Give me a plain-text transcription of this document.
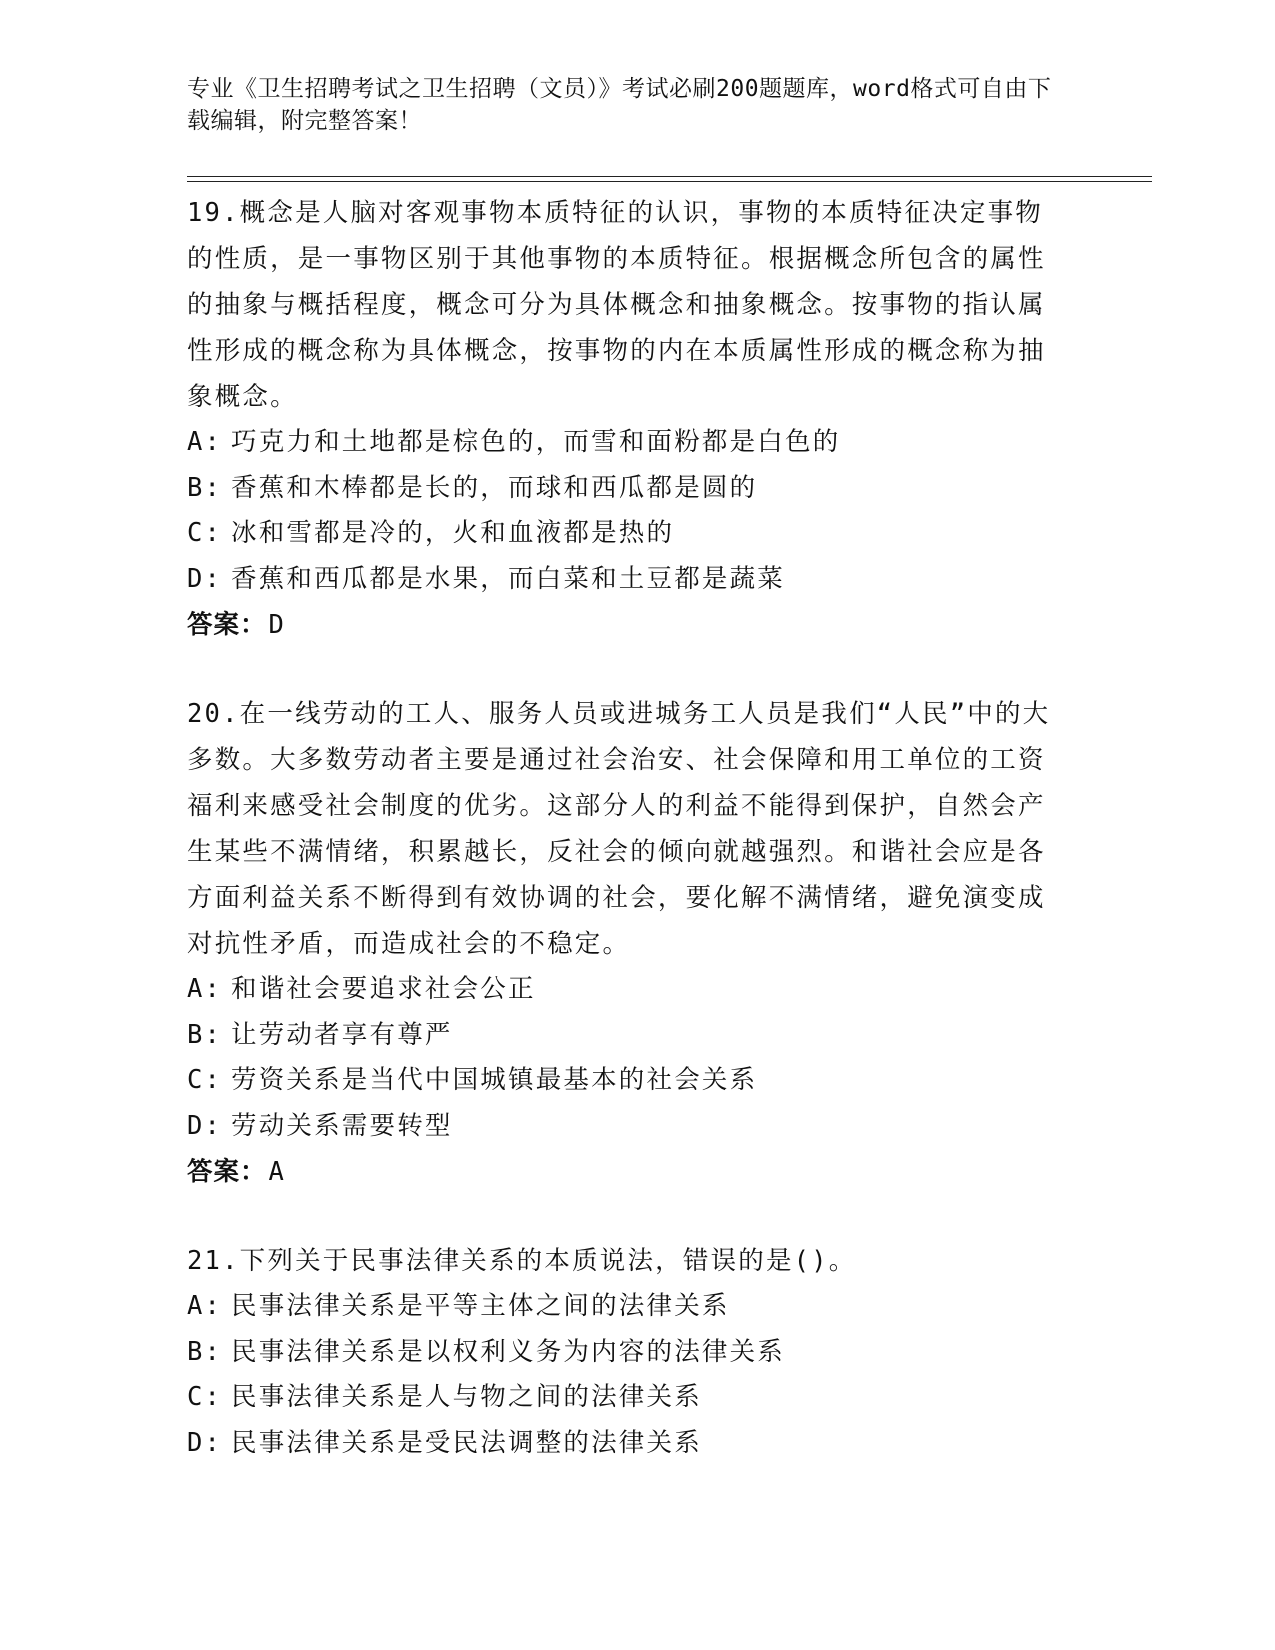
专业《卫生招聘考试之卫生招聘（文员）》考试必刷200题题库，word格式可自由下载编辑，附完整答案！

19.概念是人脑对客观事物本质特征的认识，事物的本质特征决定事物的性质，是一事物区别于其他事物的本质特征。根据概念所包含的属性的抽象与概括程度，概念可分为具体概念和抽象概念。按事物的指认属性形成的概念称为具体概念，按事物的内在本质属性形成的概念称为抽象概念。

A: 巧克力和土地都是棕色的，而雪和面粉都是白色的
B: 香蕉和木棒都是长的，而球和西瓜都是圆的
C: 冰和雪都是冷的，火和血液都是热的
D: 香蕉和西瓜都是水果，而白菜和土豆都是蔬菜
答案：D

20.在一线劳动的工人、服务人员或进城务工人员是我们“人民”中的大多数。大多数劳动者主要是通过社会治安、社会保障和用工单位的工资福利来感受社会制度的优劣。这部分人的利益不能得到保护，自然会产生某些不满情绪，积累越长，反社会的倾向就越强烈。和谐社会应是各方面利益关系不断得到有效协调的社会，要化解不满情绪，避免演变成对抗性矛盾，而造成社会的不稳定。

A: 和谐社会要追求社会公正
B: 让劳动者享有尊严
C: 劳资关系是当代中国城镇最基本的社会关系
D: 劳动关系需要转型
答案：A

21.下列关于民事法律关系的本质说法，错误的是()。

A: 民事法律关系是平等主体之间的法律关系
B: 民事法律关系是以权利义务为内容的法律关系
C: 民事法律关系是人与物之间的法律关系
D: 民事法律关系是受民法调整的法律关系
